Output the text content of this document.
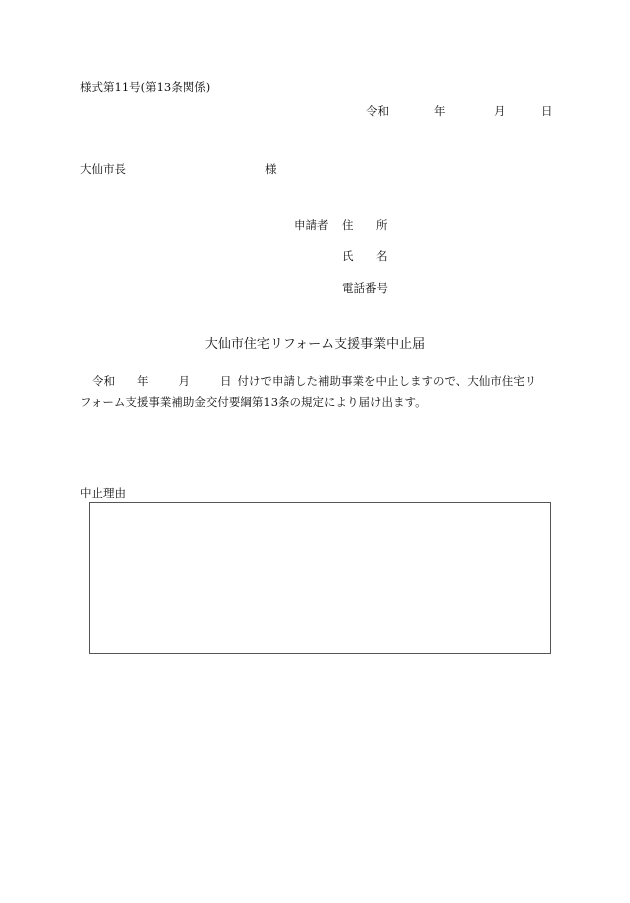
様式第11号(第13条関係)
令和	年	月	日
大仙市長	様
申請者 住 所
氏 名
電話番号
大仙市住宅リフォーム支援事業中止届
令和 年	月	日 付けで申請した補助事業を中止しますので、大仙市住宅リ
フォーム支援事業補助金交付要綱第13条の規定により届け出ます。
中止理由
